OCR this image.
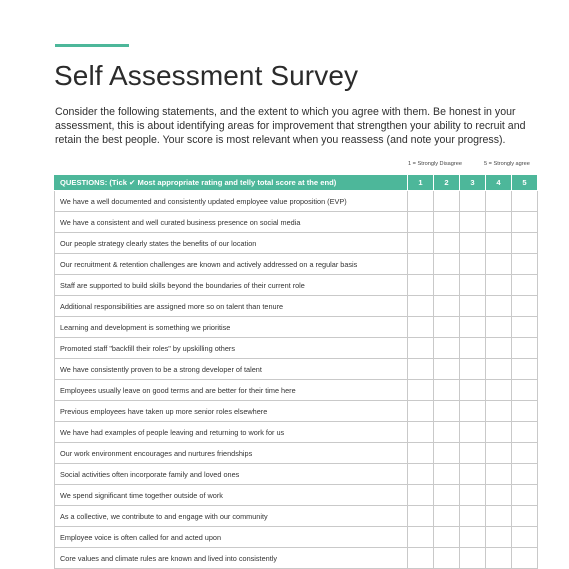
Self Assessment Survey

Consider the following statements, and the extent to which you agree with them. Be honest in your assessment, this is about identifying areas for improvement that strengthen your ability to recruit and retain the best people. Your score is most relevant when you reassess (and note your progress).

1 = Strongly Disagree	5 = Strongly agree
QUESTIONS: (Tick ✔ Most appropriate rating and telly total score at the end)	1	2	3	4	5
We have a well documented and consistently updated employee value proposition (EVP)					
We have a consistent and well curated business presence on social media					
Our people strategy clearly states the benefits of our location					
Our recruitment & retention challenges are known and actively addressed on a regular basis					
Staff are supported to build skills beyond the boundaries of their current role					
Additional responsibilities are assigned more so on talent than tenure					
Learning and development is something we prioritise					
Promoted staff "backfill their roles" by upskilling others					
We have consistently proven to be a strong developer of talent					
Employees usually leave on good terms and are better for their time here					
Previous employees have taken up more senior roles elsewhere					
We have had examples of people leaving and returning to work for us					
Our work environment encourages and nurtures friendships					
Social activities often incorporate family and loved ones					
We spend significant time together outside of work					
As a collective, we contribute to and engage with our community					
Employee voice is often called for and acted upon					
Core values and climate rules are known and lived into consistently					
